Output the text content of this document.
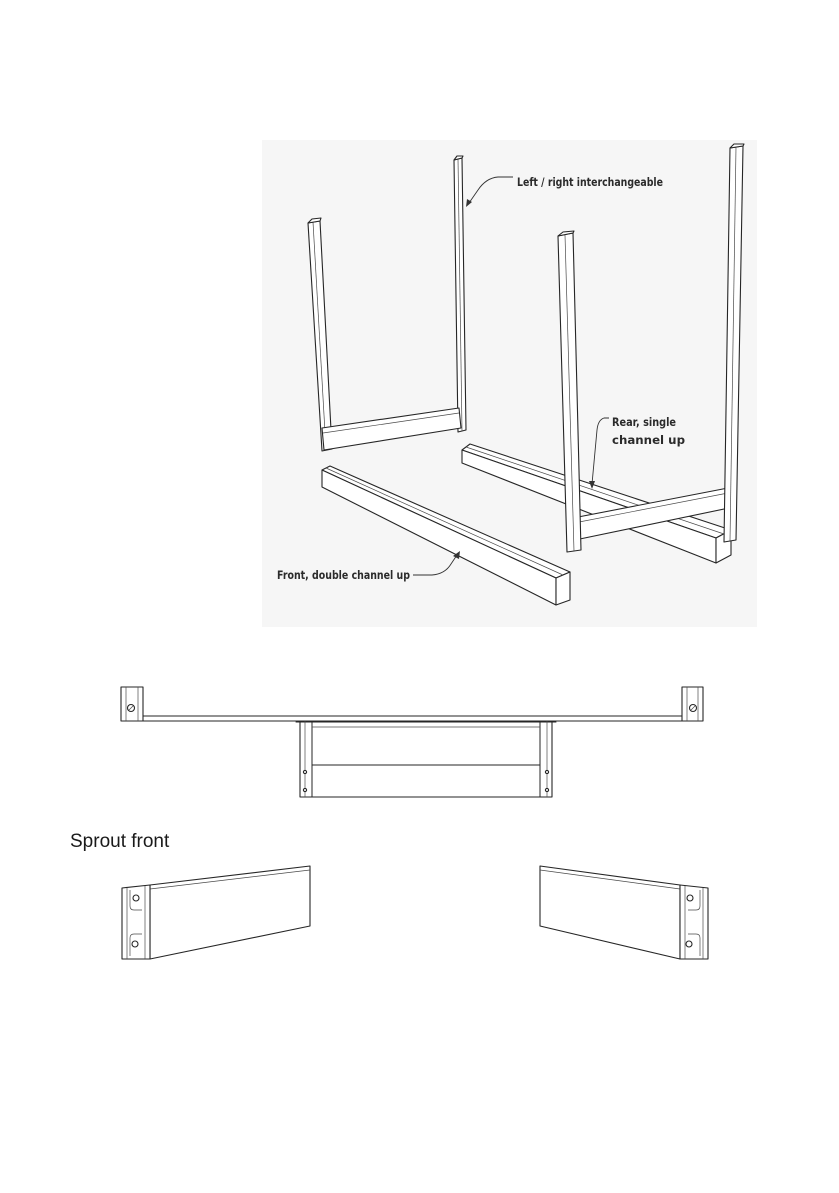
Left / right interchangeable
Rear, single
channel up
Front, double channel up
Sprout front
